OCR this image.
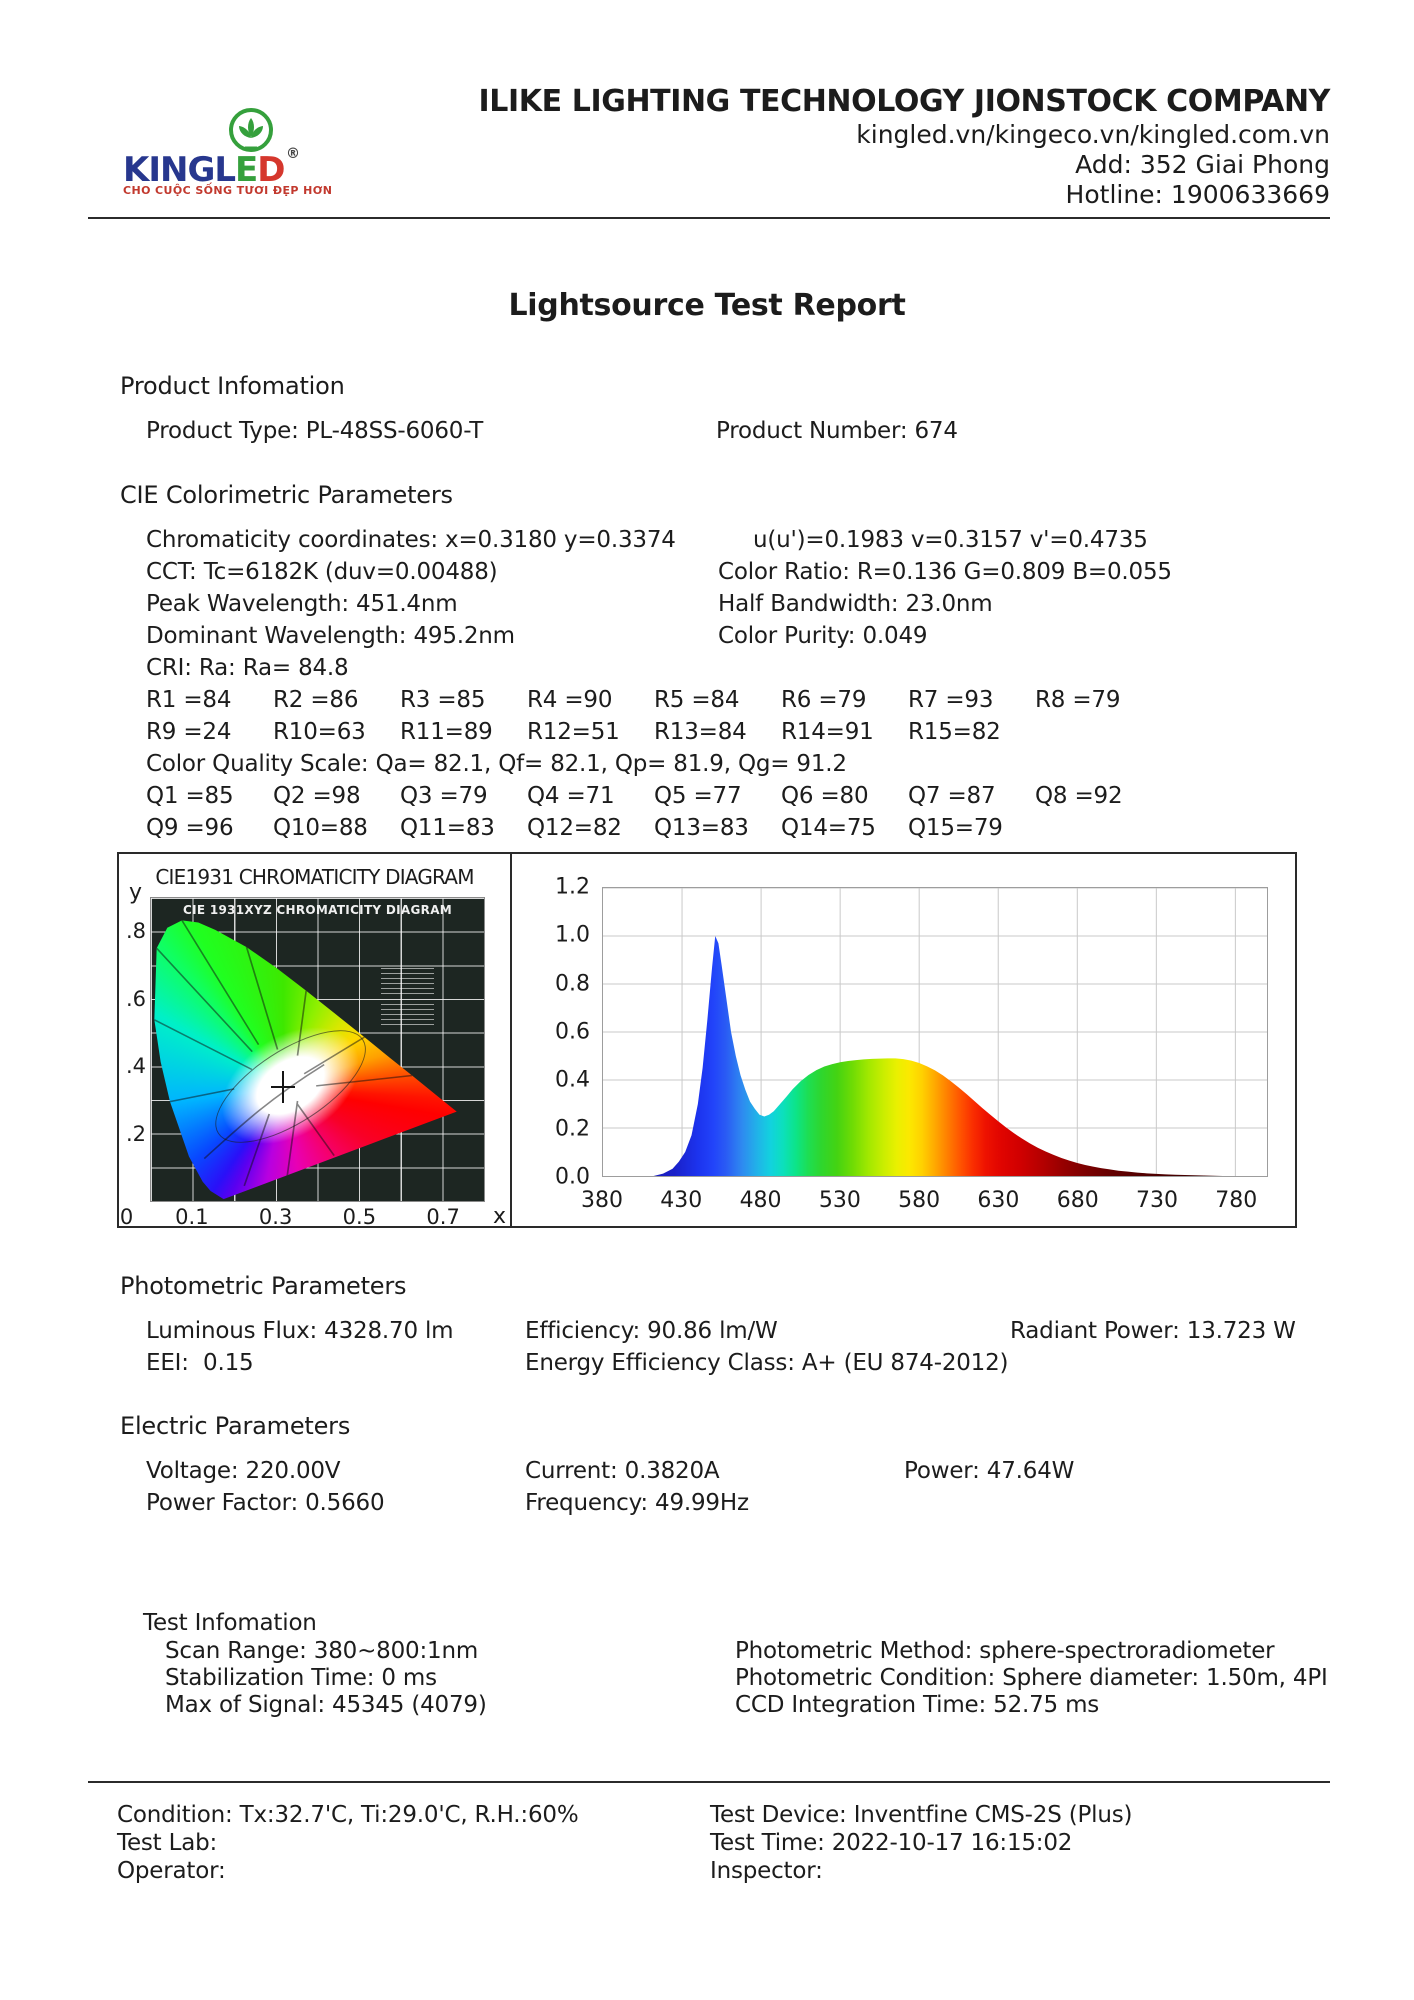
KINGLED ®
CHO CUỘC SỐNG TƯƠI ĐẸP HƠN
ILIKE LIGHTING TECHNOLOGY JIONSTOCK COMPANY
kingled.vn/kingeco.vn/kingled.com.vn
Add: 352 Giai Phong
Hotline: 1900633669
Lightsource Test Report
Product Infomation
Product Type: PL-48SS-6060-T	Product Number: 674
CIE Colorimetric Parameters
Chromaticity coordinates: x=0.3180 y=0.3374	u(u')=0.1983 v=0.3157 v'=0.4735
CCT: Tc=6182K (duv=0.00488)	Color Ratio: R=0.136 G=0.809 B=0.055
Peak Wavelength: 451.4nm	Half Bandwidth: 23.0nm
Dominant Wavelength: 495.2nm	Color Purity: 0.049
CRI: Ra: Ra= 84.8
R1 =84 R2 =86 R3 =85 R4 =90 R5 =84 R6 =79 R7 =93 R8 =79
R9 =24 R10=63 R11=89 R12=51 R13=84 R14=91 R15=82
Color Quality Scale: Qa= 82.1, Qf= 82.1, Qp= 81.9, Qg= 91.2
Q1 =85 Q2 =98 Q3 =79 Q4 =71 Q5 =77 Q6 =80 Q7 =87 Q8 =92
Q9 =96 Q10=88 Q11=83 Q12=82 Q13=83 Q14=75 Q15=79
CIE1931 CHROMATICITY DIAGRAM
y
.8
.6
.4
.2
CIE 1931XYZ CHROMATICITY DIAGRAM
0 0.1 0.3 0.5 0.7 x
1.2
1.0
0.8
0.6
0.4
0.2
0.0
380 430 480 530 580 630 680 730 780
Photometric Parameters
Luminous Flux: 4328.70 lm	Efficiency: 90.86 lm/W	Radiant Power: 13.723 W
EEI:  0.15	Energy Efficiency Class: A+ (EU 874-2012)
Electric Parameters
Voltage: 220.00V	Current: 0.3820A	Power: 47.64W
Power Factor: 0.5660	Frequency: 49.99Hz
Test Infomation
Scan Range: 380~800:1nm	Photometric Method: sphere-spectroradiometer
Stabilization Time: 0 ms	Photometric Condition: Sphere diameter: 1.50m, 4PI
Max of Signal: 45345 (4079)	CCD Integration Time: 52.75 ms
Condition: Tx:32.7'C, Ti:29.0'C, R.H.:60%	Test Device: Inventfine CMS-2S (Plus)
Test Lab:	Test Time: 2022-10-17 16:15:02
Operator:	Inspector:
